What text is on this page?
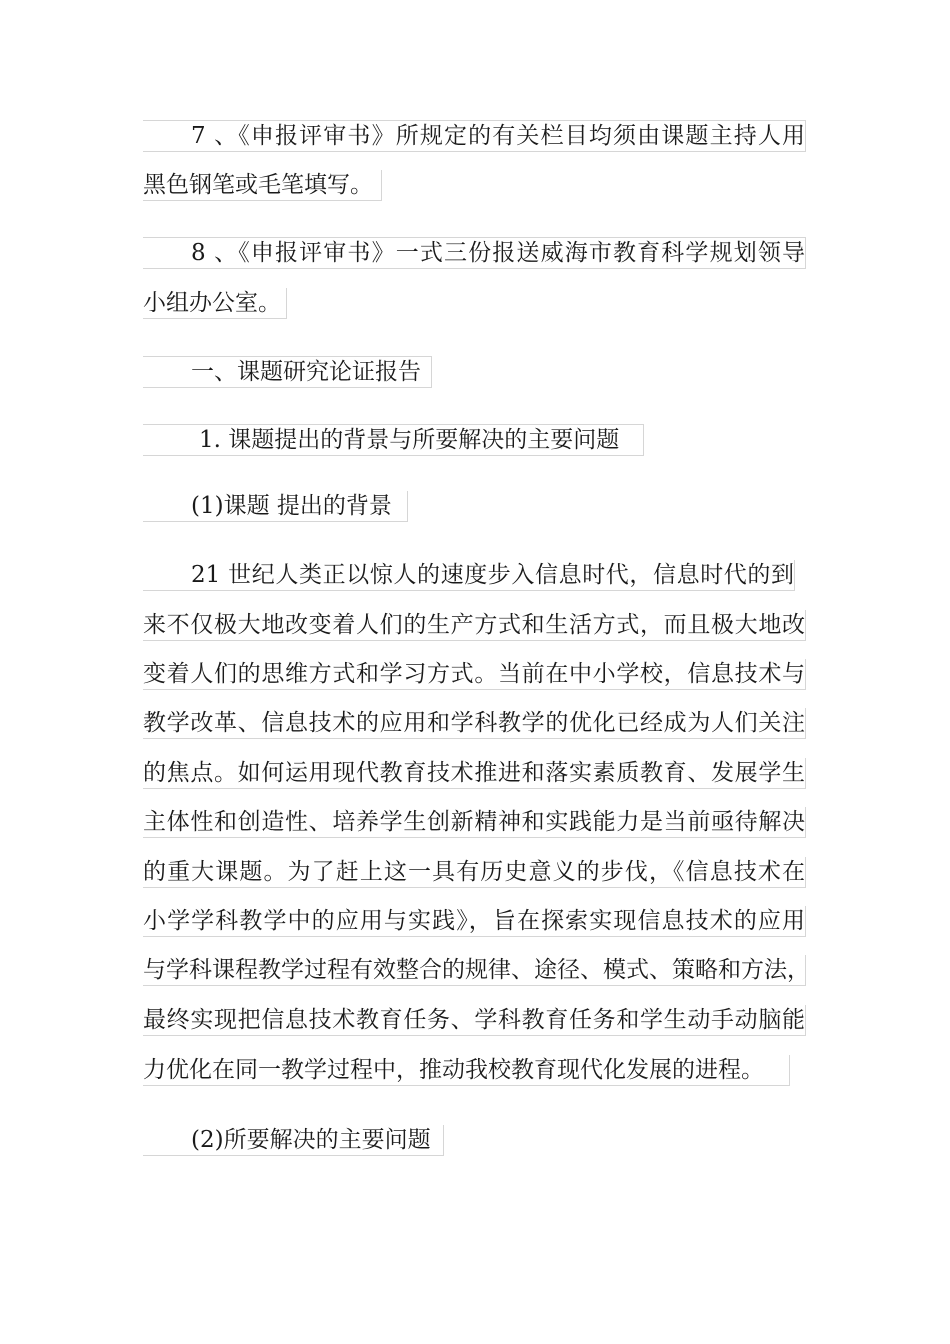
7 、《申报评审书》所规定的有关栏目均须由课题主持人用
黑色钢笔或毛笔填写。
8 、《申报评审书》一式三份报送威海市教育科学规划领导
小组办公室。
一、课题研究论证报告
1. 课题提出的背景与所要解决的主要问题
(1)课题 提出的背景
21 世纪人类正以惊人的速度步入信息时代，信息时代的到
来不仅极大地改变着人们的生产方式和生活方式，而且极大地改
变着人们的思维方式和学习方式。当前在中小学校，信息技术与
教学改革、信息技术的应用和学科教学的优化已经成为人们关注
的焦点。如何运用现代教育技术推进和落实素质教育、发展学生
主体性和创造性、培养学生创新精神和实践能力是当前亟待解决
的重大课题。为了赶上这一具有历史意义的步伐，《信息技术在
小学学科教学中的应用与实践》，旨在探索实现信息技术的应用
与学科课程教学过程有效整合的规律、途径、模式、策略和方法，
最终实现把信息技术教育任务、学科教育任务和学生动手动脑能
力优化在同一教学过程中，推动我校教育现代化发展的进程。
(2)所要解决的主要问题
